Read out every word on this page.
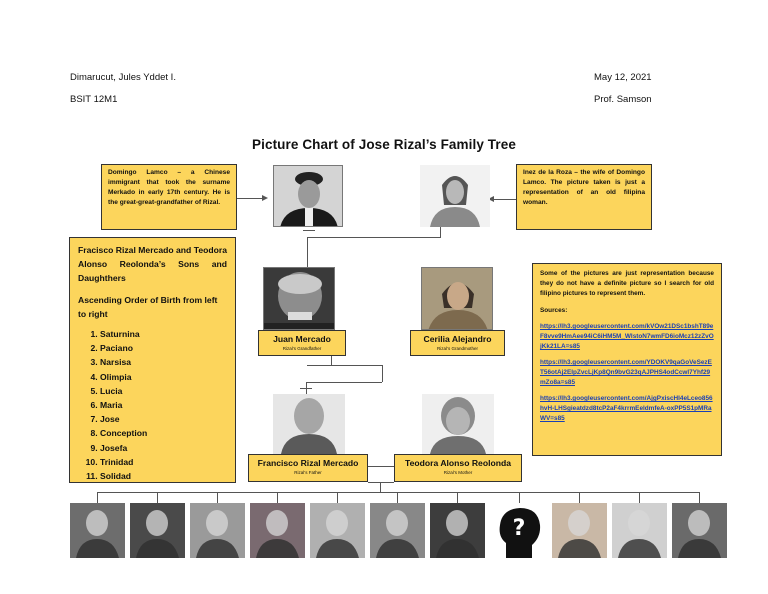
Dimarucut, Jules Yddet I.
BSIT 12M1
May 12, 2021
Prof. Samson
Picture Chart of Jose Rizal’s Family Tree
Domingo Lamco – a Chinese immigrant that took the surname Merkado in early 17th century. He is the great-great-grandfather of Rizal.
Inez de la Roza – the wife of Domingo Lamco. The picture taken is just a representation of an old filipina woman.
Fracisco Rizal Mercado and Teodora Alonso Reolonda’s Sons and Daughthers
Ascending Order of Birth from left to right
1. Saturnina
2. Paciano
3. Narsisa
4. Olimpia
5. Lucia
6. Maria
7. Jose
8. Conception
9. Josefa
10. Trinidad
11. Solidad
Some of the pictures are just representation because they do not have a definite picture so I search for old filipino pictures to represent them.
Sources:
https://lh3.googleusercontent.com/kVOw21DSc1bshT89eF8vve9HmAee94iC6iHM5M_WIstoN7wmFD6ioMcz12zZvOjKk21LA=s85
https://lh3.googleusercontent.com/YDOKV9qaGoVeSezET56otAj2EIpZvcLjKp8Qn9bvG23qAJPHS4odCcwl7Yhf29mZo8a=s85
https://lh3.googleusercontent.com/AjgPxiscHI4eLceo856hvH-LHSgieatdzd8tcP2aF4krrmEeldmfeA-oxPP5S1pMRaWV=s85
Juan Mercado
Rizal’s Grandfather
Cerilia Alejandro
Rizal’s Grandmother
Francisco Rizal Mercado
Rizal’s Father
Teodora Alonso Reolonda
Rizal’s Mother
?
